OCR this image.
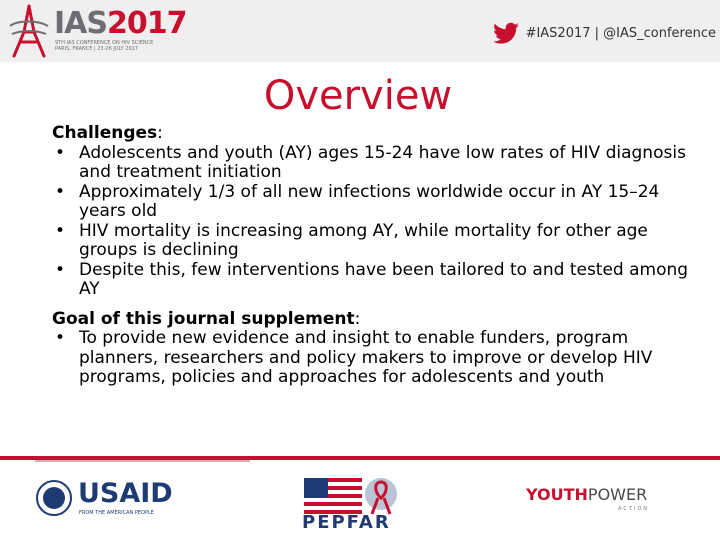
IAS2017
9TH IAS CONFERENCE ON HIV SCIENCE
PARIS, FRANCE | 23-26 JULY 2017
#IAS2017 | @IAS_conference
Overview
Challenges:
• Adolescents and youth (AY) ages 15-24 have low rates of HIV diagnosis and treatment initiation
• Approximately 1/3 of all new infections worldwide occur in AY 15–24 years old
• HIV mortality is increasing among AY, while mortality for other age groups is declining
• Despite this, few interventions have been tailored to and tested among AY
Goal of this journal supplement:
• To provide new evidence and insight to enable funders, program planners, researchers and policy makers to improve or develop HIV programs, policies and approaches for adolescents and youth
USAID
FROM THE AMERICAN PEOPLE	PEPFAR
YOUTHPOWER
ACTION
